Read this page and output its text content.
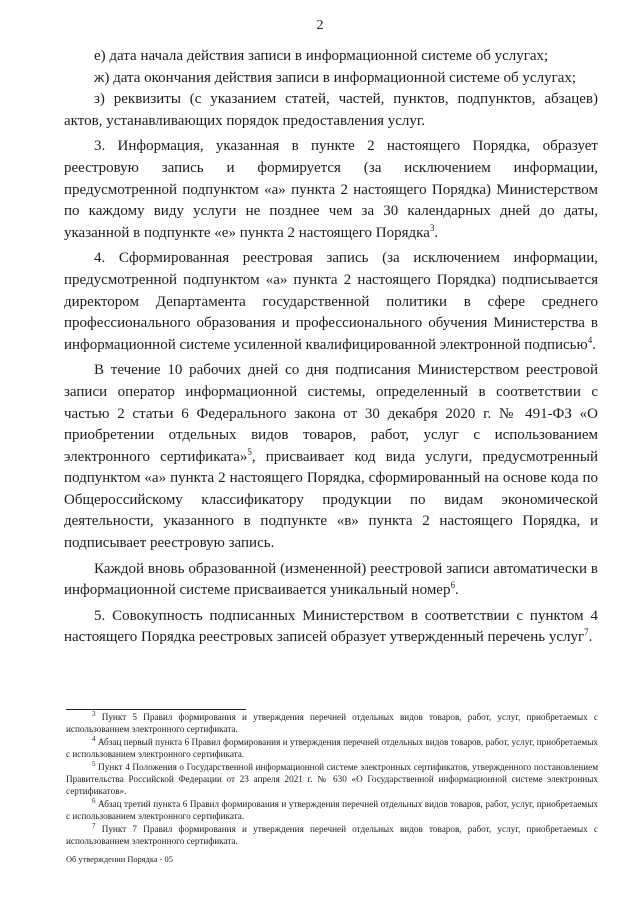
2

е) дата начала действия записи в информационной системе об услугах;

ж) дата окончания действия записи в информационной системе об услугах;

з) реквизиты (с указанием статей, частей, пунктов, подпунктов, абзацев) актов, устанавливающих порядок предоставления услуг.

3. Информация, указанная в пункте 2 настоящего Порядка, образует реестровую запись и формируется (за исключением информации, предусмотренной подпунктом «а» пункта 2 настоящего Порядка) Министерством по каждому виду услуги не позднее чем за 30 календарных дней до даты, указанной в подпункте «е» пункта 2 настоящего Порядка$^3$.

4. Сформированная реестровая запись (за исключением информации, предусмотренной подпунктом «а» пункта 2 настоящего Порядка) подписывается директором Департамента государственной политики в сфере среднего профессионального образования и профессионального обучения Министерства в информационной системе усиленной квалифицированной электронной подписью$^4$.

В течение 10 рабочих дней со дня подписания Министерством реестровой записи оператор информационной системы, определенный в соответствии с частью 2 статьи 6 Федерального закона от 30 декабря 2020 г. № 491-ФЗ «О приобретении отдельных видов товаров, работ, услуг с использованием электронного сертификата»$^5$, присваивает код вида услуги, предусмотренный подпунктом «а» пункта 2 настоящего Порядка, сформированный на основе кода по Общероссийскому классификатору продукции по видам экономической деятельности, указанного в подпункте «в» пункта 2 настоящего Порядка, и подписывает реестровую запись.

Каждой вновь образованной (измененной) реестровой записи автоматически в информационной системе присваивается уникальный номер$^6$.

5. Совокупность подписанных Министерством в соответствии с пунктом 4 настоящего Порядка реестровых записей образует утвержденный перечень услуг$^7$.

$^3$ Пункт 5 Правил формирования и утверждения перечней отдельных видов товаров, работ, услуг, приобретаемых с использованием электронного сертификата.

$^4$ Абзац первый пункта 6 Правил формирования и утверждения перечней отдельных видов товаров, работ, услуг, приобретаемых с использованием электронного сертификата.

$^5$ Пункт 4 Положения о Государственной информационной системе электронных сертификатов, утвержденного постановлением Правительства Российской Федерации от 23 апреля 2021 г. № 630 «О Государственной информационной системе электронных сертификатов».

$^6$ Абзац третий пункта 6 Правил формирования и утверждения перечней отдельных видов товаров, работ, услуг, приобретаемых с использованием электронного сертификата.

$^7$ Пункт 7 Правил формирования и утверждения перечней отдельных видов товаров, работ, услуг, приобретаемых с использованием электронного сертификата.

Об утверждении Порядка - 05
